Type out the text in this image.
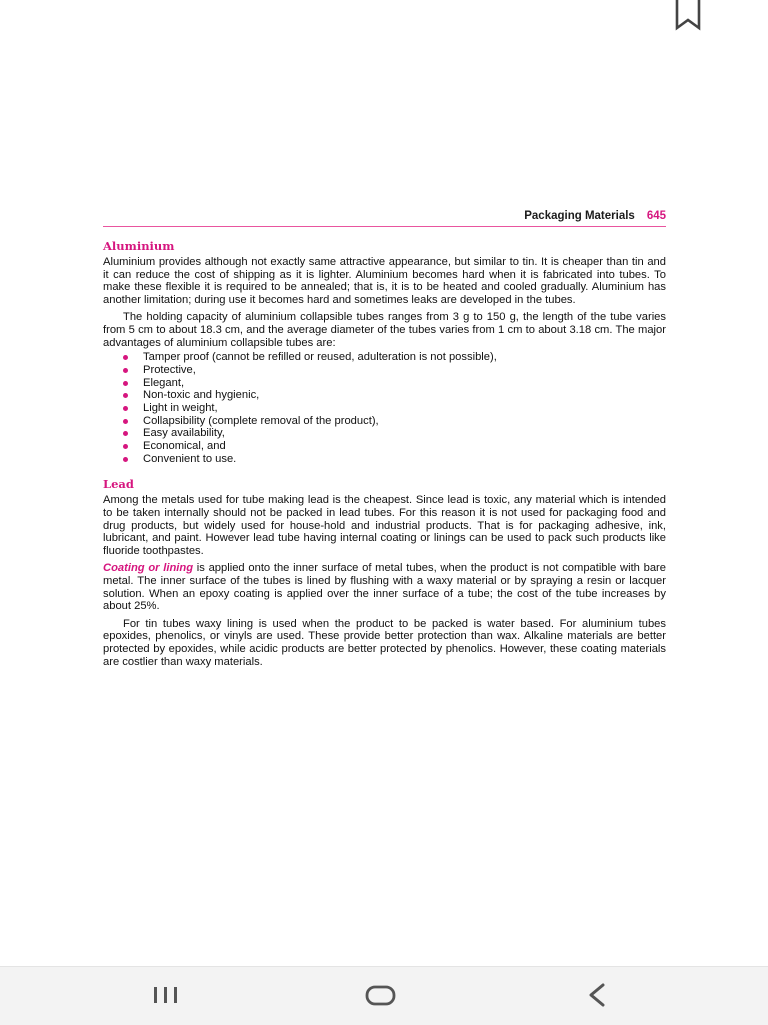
Packaging Materials 645
Aluminium

Aluminium provides although not exactly same attractive appearance, but similar to tin. It is cheaper than tin and it can reduce the cost of shipping as it is lighter. Aluminium becomes hard when it is fabricated into tubes. To make these flexible it is required to be annealed; that is, it is to be heated and cooled gradually. Aluminium has another limitation; during use it becomes hard and sometimes leaks are developed in the tubes.

The holding capacity of aluminium collapsible tubes ranges from 3 g to 150 g, the length of the tube varies from 5 cm to about 18.3 cm, and the average diameter of the tubes varies from 1 cm to about 3.18 cm. The major advantages of aluminium collapsible tubes are:

Tamper proof (cannot be refilled or reused, adulteration is not possible),
Protective,
Elegant,
Non-toxic and hygienic,
Light in weight,
Collapsibility (complete removal of the product),
Easy availability,
Economical, and
Convenient to use.
Lead

Among the metals used for tube making lead is the cheapest. Since lead is toxic, any material which is intended to be taken internally should not be packed in lead tubes. For this reason it is not used for packaging food and drug products, but widely used for house-hold and industrial products. That is for packaging adhesive, ink, lubricant, and paint. However lead tube having internal coating or linings can be used to pack such products like fluoride toothpastes.

Coating or lining is applied onto the inner surface of metal tubes, when the product is not compatible with bare metal. The inner surface of the tubes is lined by flushing with a waxy material or by spraying a resin or lacquer solution. When an epoxy coating is applied over the inner surface of a tube; the cost of the tube increases by about 25%.

For tin tubes waxy lining is used when the product to be packed is water based. For aluminium tubes epoxides, phenolics, or vinyls are used. These provide better protection than wax. Alkaline materials are better protected by epoxides, while acidic products are better protected by phenolics. However, these coating materials are costlier than waxy materials.
